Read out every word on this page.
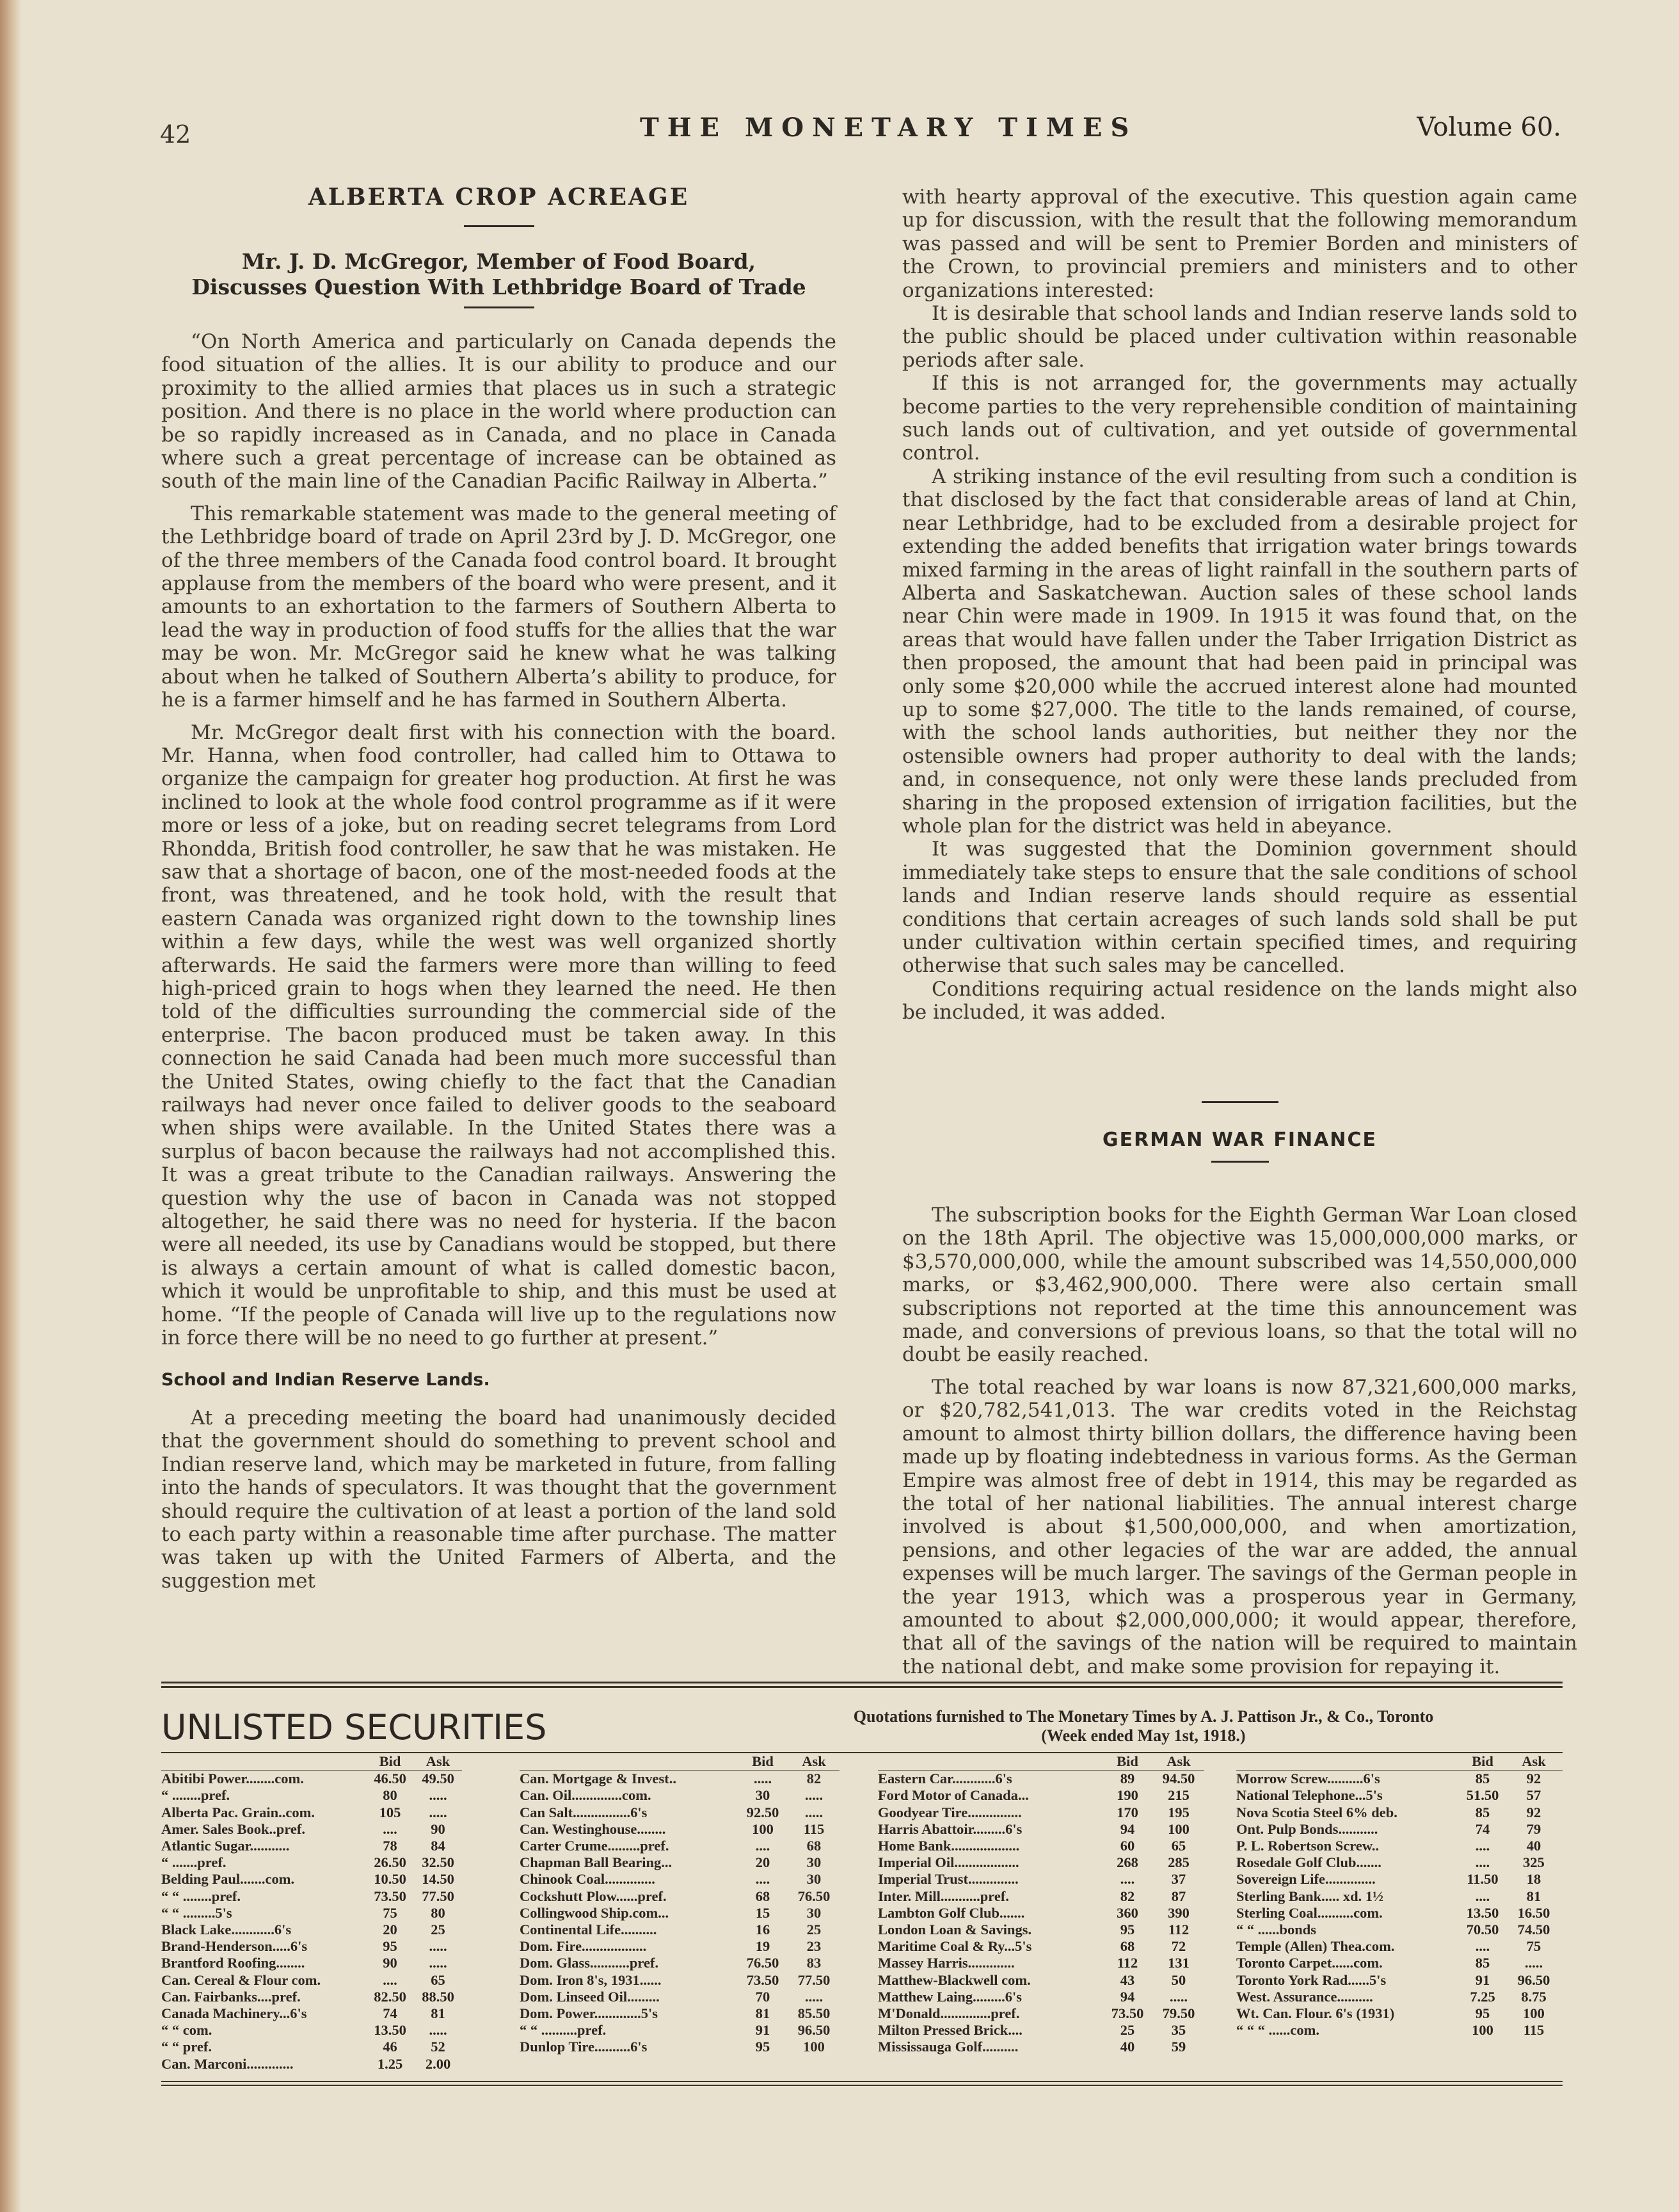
42	THE MONETARY TIMES	Volume 60.
ALBERTA CROP ACREAGE
Mr. J. D. McGregor, Member of Food Board, Discusses Question With Lethbridge Board of Trade

“On North America and particularly on Canada depends the food situation of the allies. It is our ability to produce and our proximity to the allied armies that places us in such a strategic position. And there is no place in the world where production can be so rapidly increased as in Canada, and no place in Canada where such a great percentage of increase can be obtained as south of the main line of the Canadian Pacific Railway in Alberta.”

This remarkable statement was made to the general meeting of the Lethbridge board of trade on April 23rd by J. D. McGregor, one of the three members of the Canada food control board. It brought applause from the members of the board who were present, and it amounts to an exhortation to the farmers of Southern Alberta to lead the way in production of food stuffs for the allies that the war may be won. Mr. McGregor said he knew what he was talking about when he talked of Southern Alberta’s ability to produce, for he is a farmer himself and he has farmed in Southern Alberta.

Mr. McGregor dealt first with his connection with the board. Mr. Hanna, when food controller, had called him to Ottawa to organize the campaign for greater hog production. At first he was inclined to look at the whole food control programme as if it were more or less of a joke, but on reading secret telegrams from Lord Rhondda, British food controller, he saw that he was mistaken. He saw that a shortage of bacon, one of the most-needed foods at the front, was threatened, and he took hold, with the result that eastern Canada was organized right down to the township lines within a few days, while the west was well organized shortly afterwards. He said the farmers were more than willing to feed high-priced grain to hogs when they learned the need. He then told of the difficulties surrounding the commercial side of the enterprise. The bacon produced must be taken away. In this connection he said Canada had been much more successful than the United States, owing chiefly to the fact that the Canadian railways had never once failed to deliver goods to the seaboard when ships were available. In the United States there was a surplus of bacon because the railways had not accomplished this. It was a great tribute to the Canadian railways. Answering the question why the use of bacon in Canada was not stopped altogether, he said there was no need for hysteria. If the bacon were all needed, its use by Canadians would be stopped, but there is always a certain amount of what is called domestic bacon, which it would be unprofitable to ship, and this must be used at home. “If the people of Canada will live up to the regulations now in force there will be no need to go further at present.”

School and Indian Reserve Lands.

At a preceding meeting the board had unanimously decided that the government should do something to prevent school and Indian reserve land, which may be marketed in future, from falling into the hands of speculators. It was thought that the government should require the cultivation of at least a portion of the land sold to each party within a reasonable time after purchase. The matter was taken up with the United Farmers of Alberta, and the suggestion met

with hearty approval of the executive. This question again came up for discussion, with the result that the following memorandum was passed and will be sent to Premier Borden and ministers of the Crown, to provincial premiers and ministers and to other organizations interested:

It is desirable that school lands and Indian reserve lands sold to the public should be placed under cultivation within reasonable periods after sale.

If this is not arranged for, the governments may actually become parties to the very reprehensible condition of maintaining such lands out of cultivation, and yet outside of governmental control.

A striking instance of the evil resulting from such a condition is that disclosed by the fact that considerable areas of land at Chin, near Lethbridge, had to be excluded from a desirable project for extending the added benefits that irrigation water brings towards mixed farming in the areas of light rainfall in the southern parts of Alberta and Saskatchewan. Auction sales of these school lands near Chin were made in 1909. In 1915 it was found that, on the areas that would have fallen under the Taber Irrigation District as then proposed, the amount that had been paid in principal was only some $20,000 while the accrued interest alone had mounted up to some $27,000. The title to the lands remained, of course, with the school lands authorities, but neither they nor the ostensible owners had proper authority to deal with the lands; and, in consequence, not only were these lands precluded from sharing in the proposed extension of irrigation facilities, but the whole plan for the district was held in abeyance.

It was suggested that the Dominion government should immediately take steps to ensure that the sale conditions of school lands and Indian reserve lands should require as essential conditions that certain acreages of such lands sold shall be put under cultivation within certain specified times, and requiring otherwise that such sales may be cancelled.

Conditions requiring actual residence on the lands might also be included, it was added.

GERMAN WAR FINANCE

The subscription books for the Eighth German War Loan closed on the 18th April. The objective was 15,000,000,000 marks, or $3,570,000,000, while the amount subscribed was 14,550,000,000 marks, or $3,462,900,000. There were also certain small subscriptions not reported at the time this announcement was made, and conversions of previous loans, so that the total will no doubt be easily reached.

The total reached by war loans is now 87,321,600,000 marks, or $20,782,541,013. The war credits voted in the Reichstag amount to almost thirty billion dollars, the difference having been made up by floating indebtedness in various forms. As the German Empire was almost free of debt in 1914, this may be regarded as the total of her national liabilities. The annual interest charge involved is about $1,500,000,000, and when amortization, pensions, and other legacies of the war are added, the annual expenses will be much larger. The savings of the German people in the year 1913, which was a prosperous year in Germany, amounted to about $2,000,000,000; it would appear, therefore, that all of the savings of the nation will be required to maintain the national debt, and make some provision for repaying it.

UNLISTED SECURITIES	Quotations furnished to The Monetary Times by A. J. Pattison Jr., & Co., Toronto
(Week ended May 1st, 1918.)
Bid	Ask
Abitibi Power........com.	46.50	49.50
“ ........pref.	80	.....
Alberta Pac. Grain..com.	105	.....
Amer. Sales Book..pref.	....	90
Atlantic Sugar...........	78	84
“ .......pref.	26.50	32.50
Belding Paul.......com.	10.50	14.50
“ “ ........pref.	73.50	77.50
“ “ .........5's	75	80
Black Lake............6's	20	25
Brand-Henderson.....6's	95	.....
Brantford Roofing........	90	.....
Can. Cereal & Flour com.	....	65
Can. Fairbanks....pref.	82.50	88.50
Canada Machinery...6's	74	81
“ “ com.	13.50	.....
“ “ pref.	46	52
Can. Marconi.............	1.25	2.00
Bid	Ask
Can. Mortgage & Invest..	.....	82
Can. Oil..............com.	30	.....
Can Salt................6's	92.50	.....
Can. Westinghouse........	100	115
Carter Crume.........pref.	....	68
Chapman Ball Bearing...	20	30
Chinook Coal..............	....	30
Cockshutt Plow......pref.	68	76.50
Collingwood Ship.com...	15	30
Continental Life..........	16	25
Dom. Fire..................	19	23
Dom. Glass...........pref.	76.50	83
Dom. Iron 8's, 1931......	73.50	77.50
Dom. Linseed Oil.........	70	.....
Dom. Power.............5's	81	85.50
“ “ ..........pref.	91	96.50
Dunlop Tire..........6's	95	100
Bid	Ask
Eastern Car............6's	89	94.50
Ford Motor of Canada...	190	215
Goodyear Tire...............	170	195
Harris Abattoir.........6's	94	100
Home Bank...................	60	65
Imperial Oil..................	268	285
Imperial Trust..............	....	37
Inter. Mill...........pref.	82	87
Lambton Golf Club.......	360	390
London Loan & Savings.	95	112
Maritime Coal & Ry...5's	68	72
Massey Harris.............	112	131
Matthew-Blackwell com.	43	50
Matthew Laing.........6's	94	.....
M'Donald..............pref.	73.50	79.50
Milton Pressed Brick....	25	35
Mississauga Golf..........	40	59
Bid	Ask
Morrow Screw..........6's	85	92
National Telephone...5's	51.50	57
Nova Scotia Steel 6% deb.	85	92
Ont. Pulp Bonds...........	74	79
P. L. Robertson Screw..	....	40
Rosedale Golf Club.......	....	325
Sovereign Life..............	11.50	18
Sterling Bank..... xd. 1½	....	81
Sterling Coal..........com.	13.50	16.50
“ “ ......bonds	70.50	74.50
Temple (Allen) Thea.com.	....	75
Toronto Carpet......com.	85	.....
Toronto York Rad......5's	91	96.50
West. Assurance..........	7.25	8.75
Wt. Can. Flour. 6's (1931)	95	100
“ “ “ ......com.	100	115
